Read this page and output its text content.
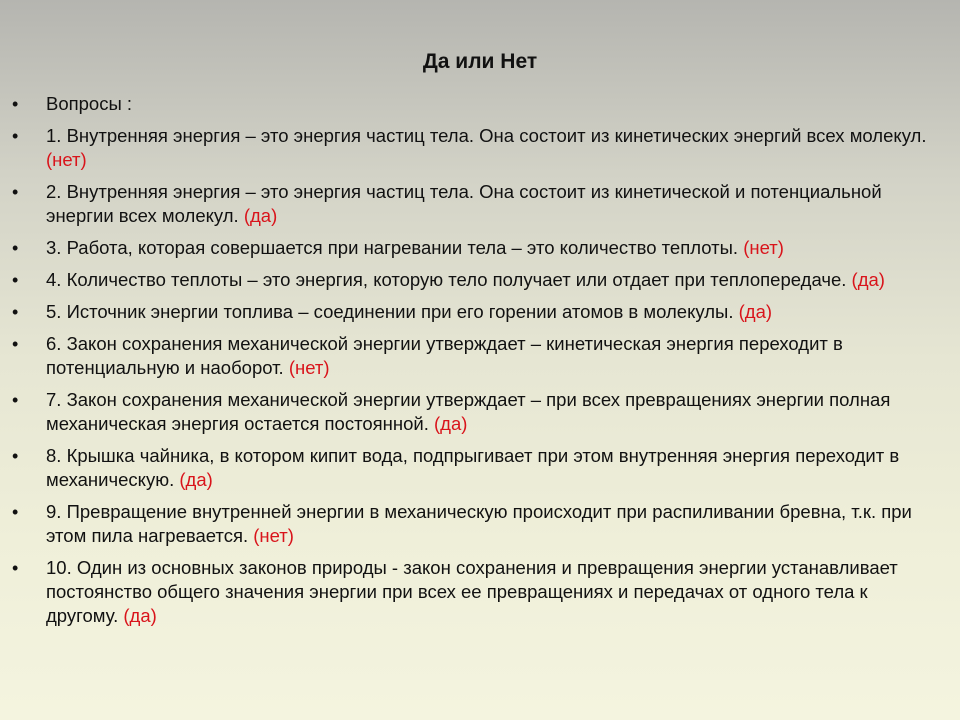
Да или Нет
• Вопросы :
• 1. Внутренняя энергия – это энергия частиц тела. Она состоит из кинетических энергий всех молекул. (нет)
• 2. Внутренняя энергия – это энергия частиц тела. Она состоит из кинетической и потенциальной энергии всех молекул. (да)
• 3. Работа, которая совершается при нагревании тела – это количество теплоты. (нет)
• 4. Количество теплоты – это энергия, которую тело получает или отдает при теплопередаче. (да)
• 5. Источник энергии топлива – соединении при его горении атомов в молекулы. (да)
• 6. Закон сохранения механической энергии утверждает – кинетическая энергия переходит в потенциальную и наоборот. (нет)
• 7. Закон сохранения механической энергии утверждает – при всех превращениях энергии полная механическая энергия остается постоянной. (да)
• 8. Крышка чайника, в котором кипит вода, подпрыгивает при этом внутренняя энергия переходит в механическую. (да)
• 9. Превращение внутренней энергии в механическую происходит при распиливании бревна, т.к. при этом пила нагревается. (нет)
• 10. Один из основных законов природы - закон сохранения и превращения энергии устанавливает постоянство общего значения энергии при всех ее превращениях и передачах от одного тела к другому. (да)
